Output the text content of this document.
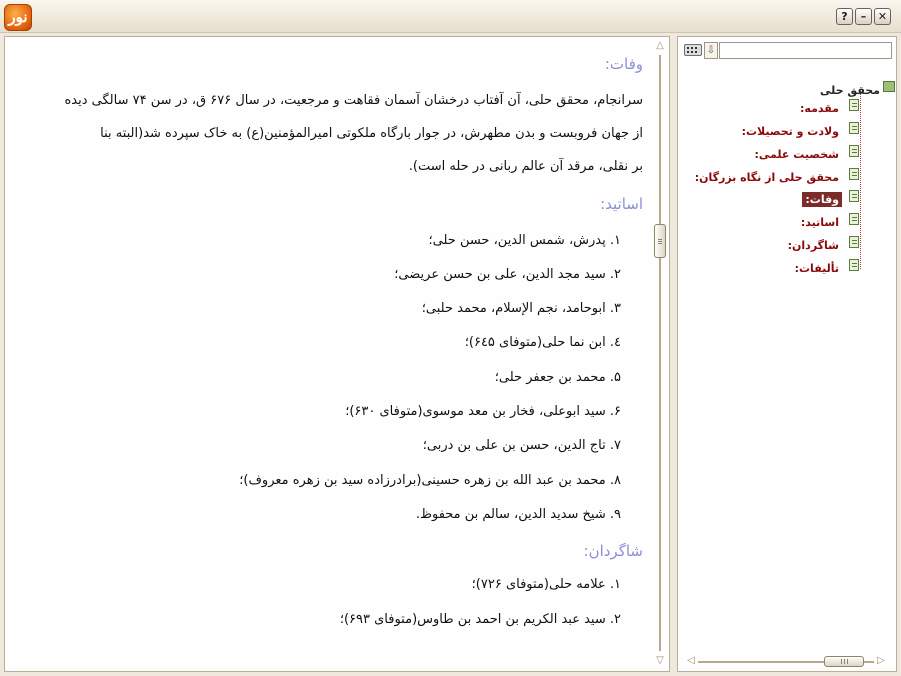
نور	?	–	✕
وفات:
سرانجام، محقق حلی، آن آفتاب درخشان آسمان فقاهت و مرجعیت، در سال ۶۷۶ ق، در سن ۷۴ سالگی دیده
از جهان فروبست و بدن مطهرش، در جوار بارگاه ملکوتی امیرالمؤمنین(ع) به خاک سپرده شد(البته بنا
بر نقلی، مرقد آن عالم ربانی در حله است).
اساتید:
۱. پدرش، شمس الدین، حسن حلی؛
۲. سید مجد الدین، علی بن حسن عریضی؛
۳. ابوحامد، نجم الإسلام، محمد حلبی؛
٤. ابن نما حلی(متوفای ۶٤۵)؛
۵. محمد بن جعفر حلی؛
۶. سید ابوعلی، فخار بن معد موسوی(متوفای ۶۳۰)؛
۷. تاج الدین، حسن بن علی بن دربی؛
۸. محمد بن عبد الله بن زهره حسینی(برادرزاده سید بن زهره معروف)؛
۹. شیخ سدید الدین، سالم بن محفوظ.
شاگردان:
۱. علامه حلی(متوفای ۷۲۶)؛
۲. سید عبد الکریم بن احمد بن طاوس(متوفای ۶۹۳)؛
△
▽
⇩
محقق حلی
مقدمه:
ولادت و تحصیلات:
شخصیت علمی:
محقق حلی از نگاه بزرگان:
وفات:
اساتید:
شاگردان:
تألیفات:
◁	▷
